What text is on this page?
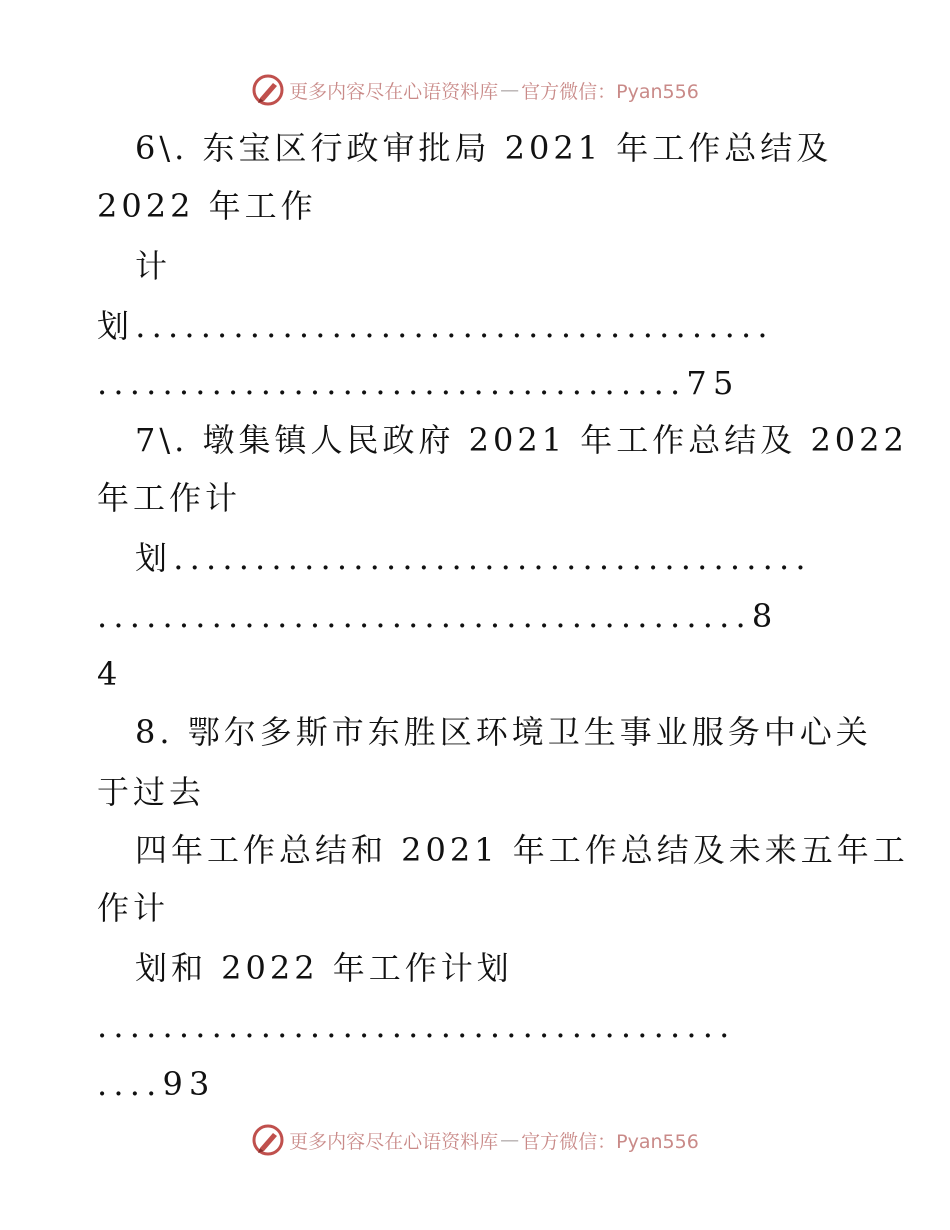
更多内容尽在心语资料库 — 官方微信：Pyan556
6\. 东宝区行政审批局 2021 年工作总结及
2022 年工作
计
划.......................................
....................................75
7\. 墩集镇人民政府 2021 年工作总结及 2022
年工作计
划.......................................
........................................8
4
8. 鄂尔多斯市东胜区环境卫生事业服务中心关
于过去
四年工作总结和 2021 年工作总结及未来五年工
作计
划和 2022 年工作计划
.......................................
....93
更多内容尽在心语资料库 — 官方微信：Pyan556
